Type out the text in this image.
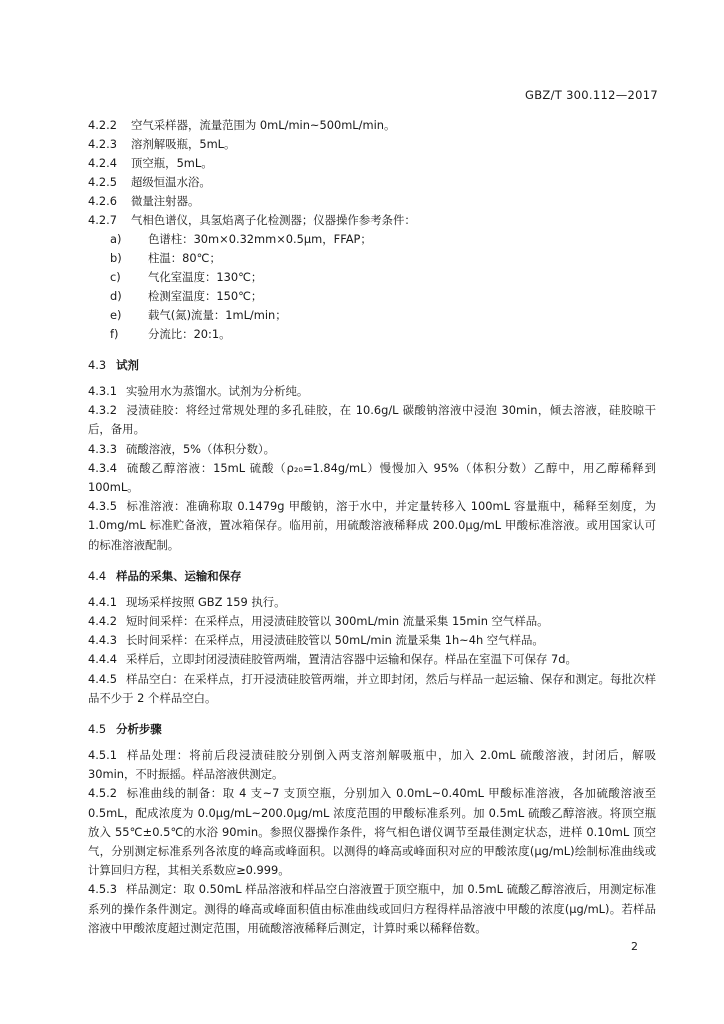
GBZ/T 300.112—2017
4.2.2	空气采样器，流量范围为 0mL/min~500mL/min。
4.2.3	溶剂解吸瓶，5mL。
4.2.4	顶空瓶，5mL。
4.2.5	超级恒温水浴。
4.2.6	微量注射器。
4.2.7	气相色谱仪，具氢焰离子化检测器；仪器操作参考条件：
a)	色谱柱：30m×0.32mm×0.5μm，FFAP；
b)	柱温：80℃；
c)	气化室温度：130℃；
d)	检测室温度：150℃；
e)	载气(氮)流量：1mL/min；
f)	分流比：20:1。
4.3 试剂

4.3.1 实验用水为蒸馏水。试剂为分析纯。

4.3.2 浸渍硅胶：将经过常规处理的多孔硅胶，在 10.6g/L 碳酸钠溶液中浸泡 30min，倾去溶液，硅胶晾干后，备用。

4.3.3 硫酸溶液，5%（体积分数）。

4.3.4 硫酸乙醇溶液：15mL 硫酸（ρ₂₀=1.84g/mL）慢慢加入 95%（体积分数）乙醇中，用乙醇稀释到 100mL。

4.3.5 标准溶液：准确称取 0.1479g 甲酸钠，溶于水中，并定量转移入 100mL 容量瓶中，稀释至刻度，为 1.0mg/mL 标准贮备液，置冰箱保存。临用前，用硫酸溶液稀释成 200.0μg/mL 甲酸标准溶液。或用国家认可的标准溶液配制。

4.4 样品的采集、运输和保存

4.4.1 现场采样按照 GBZ 159 执行。

4.4.2 短时间采样：在采样点，用浸渍硅胶管以 300mL/min 流量采集 15min 空气样品。

4.4.3 长时间采样：在采样点，用浸渍硅胶管以 50mL/min 流量采集 1h~4h 空气样品。

4.4.4 采样后，立即封闭浸渍硅胶管两端，置清洁容器中运输和保存。样品在室温下可保存 7d。

4.4.5 样品空白：在采样点，打开浸渍硅胶管两端，并立即封闭，然后与样品一起运输、保存和测定。每批次样品不少于 2 个样品空白。

4.5 分析步骤

4.5.1 样品处理：将前后段浸渍硅胶分别倒入两支溶剂解吸瓶中，加入 2.0mL 硫酸溶液，封闭后，解吸 30min，不时振摇。样品溶液供测定。

4.5.2 标准曲线的制备：取 4 支~7 支顶空瓶，分别加入 0.0mL~0.40mL 甲酸标准溶液，各加硫酸溶液至 0.5mL，配成浓度为 0.0μg/mL~200.0μg/mL 浓度范围的甲酸标准系列。加 0.5mL 硫酸乙醇溶液。将顶空瓶放入 55℃±0.5℃的水浴 90min。参照仪器操作条件，将气相色谱仪调节至最佳测定状态，进样 0.10mL 顶空气，分别测定标准系列各浓度的峰高或峰面积。以测得的峰高或峰面积对应的甲酸浓度(μg/mL)绘制标准曲线或计算回归方程，其相关系数应≥0.999。

4.5.3 样品测定：取 0.50mL 样品溶液和样品空白溶液置于顶空瓶中，加 0.5mL 硫酸乙醇溶液后，用测定标准系列的操作条件测定。测得的峰高或峰面积值由标准曲线或回归方程得样品溶液中甲酸的浓度(μg/mL)。若样品溶液中甲酸浓度超过测定范围，用硫酸溶液稀释后测定，计算时乘以稀释倍数。

2
